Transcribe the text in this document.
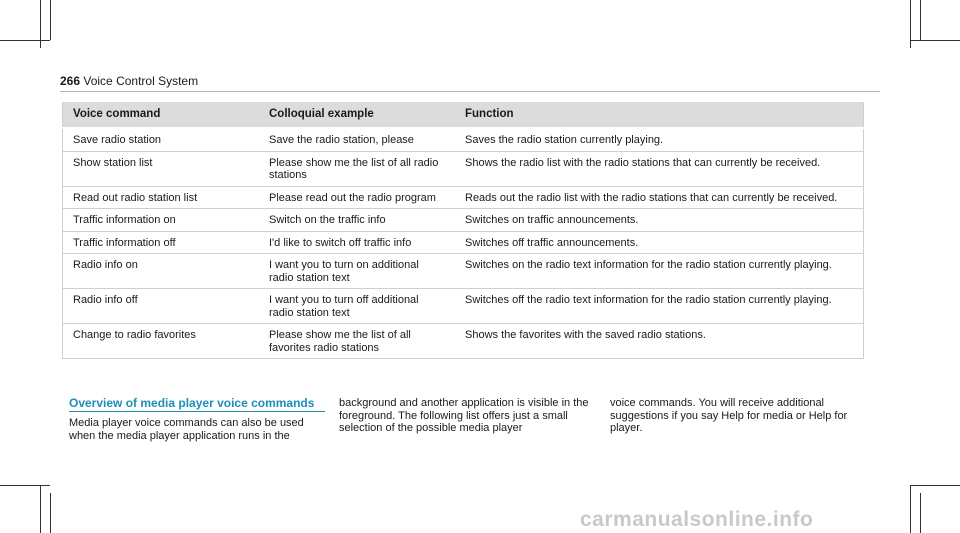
266 Voice Control System
Voice command	Colloquial example	Function
Save radio station	Save the radio station, please	Saves the radio station currently playing.
Show station list	Please show me the list of all radio stations	Shows the radio list with the radio stations that can currently be received.
Read out radio station list	Please read out the radio program	Reads out the radio list with the radio stations that can currently be received.
Traffic information on	Switch on the traffic info	Switches on traffic announcements.
Traffic information off	I'd like to switch off traffic info	Switches off traffic announcements.
Radio info on	I want you to turn on additional radio station text	Switches on the radio text information for the radio station currently playing.
Radio info off	I want you to turn off additional radio station text	Switches off the radio text information for the radio station currently playing.
Change to radio favorites	Please show me the list of all favorites radio stations	Shows the favorites with the saved radio stations.
Overview of media player voice commands

Media player voice commands can also be used when the media player application runs in the

background and another application is visible in the foreground. The following list offers just a small selection of the possible media player

voice commands. You will receive additional suggestions if you say Help for media or Help for player.

carmanualsonline.info
